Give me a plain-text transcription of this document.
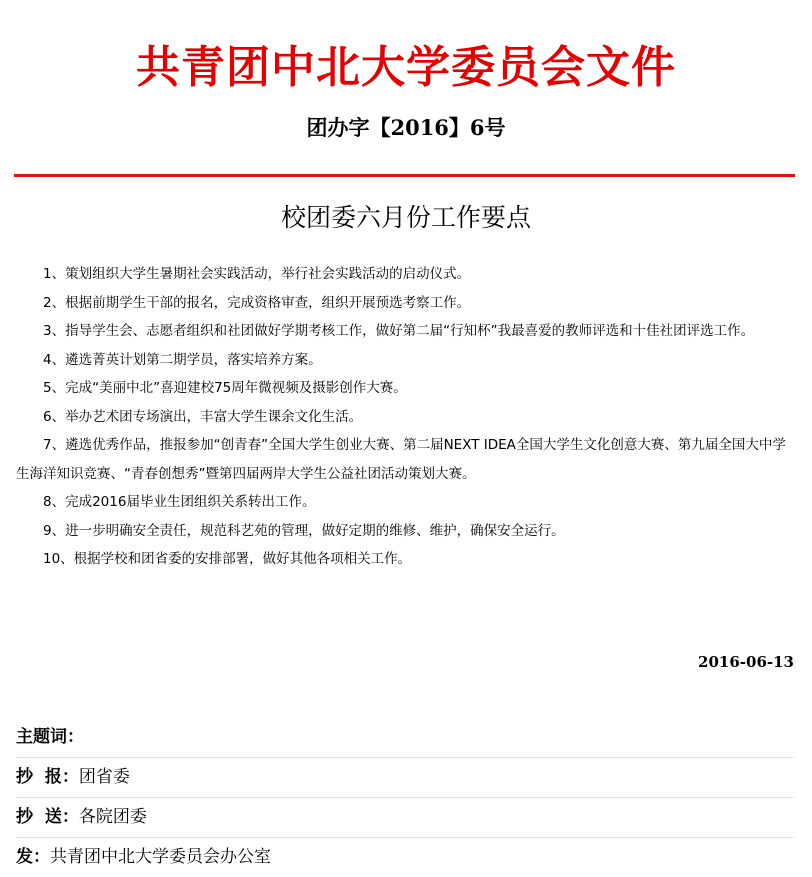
共青团中北大学委员会文件
团办字【2016】6号
校团委六月份工作要点
1、策划组织大学生暑期社会实践活动，举行社会实践活动的启动仪式。
2、根据前期学生干部的报名，完成资格审查，组织开展预选考察工作。
3、指导学生会、志愿者组织和社团做好学期考核工作，做好第二届“行知杯”我最喜爱的教师评选和十佳社团评选工作。
4、遴选菁英计划第二期学员，落实培养方案。
5、完成“美丽中北”喜迎建校75周年微视频及摄影创作大赛。
6、举办艺术团专场演出，丰富大学生课余文化生活。
7、遴选优秀作品，推报参加“创青春”全国大学生创业大赛、第二届NEXT IDEA全国大学生文化创意大赛、第九届全国大中学生海洋知识竞赛、“青春创想秀”暨第四届两岸大学生公益社团活动策划大赛。
8、完成2016届毕业生团组织关系转出工作。
9、进一步明确安全责任，规范科艺苑的管理，做好定期的维修、维护，确保安全运行。
10、根据学校和团省委的安排部署，做好其他各项相关工作。
2016-06-13
主题词：
抄  报：团省委
抄  送：各院团委
发：共青团中北大学委员会办公室
